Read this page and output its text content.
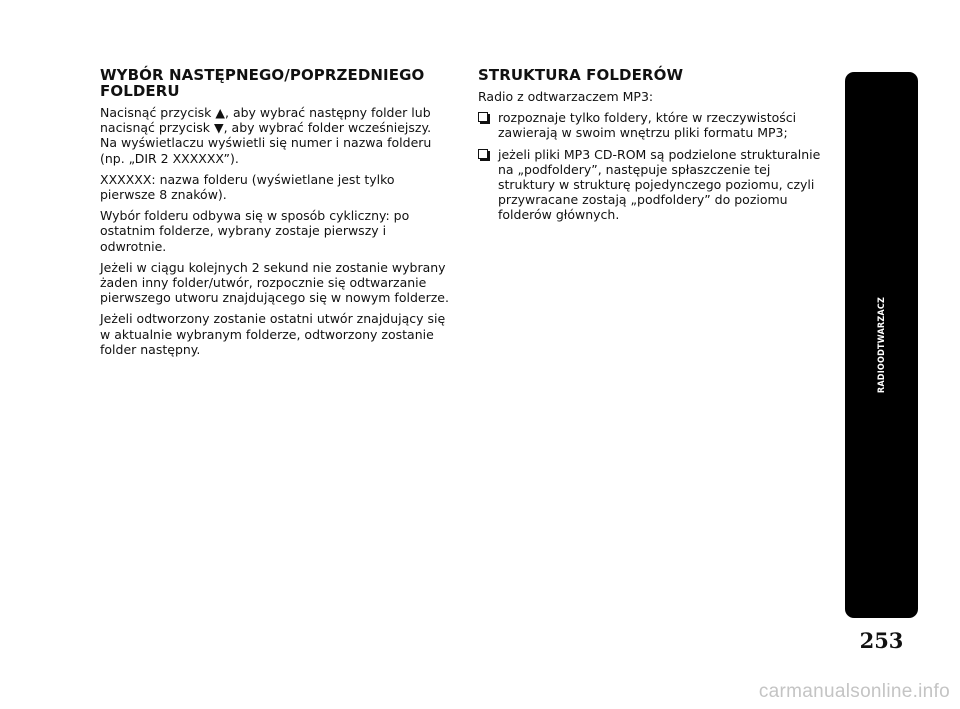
WYBÓR NASTĘPNEGO/POPRZEDNIEGO FOLDERU

Nacisnąć przycisk ▲, aby wybrać następny folder lub nacisnąć przycisk ▼, aby wybrać folder wcześniejszy. Na wyświetlaczu wyświetli się numer i nazwa folderu (np. „DIR 2 XXXXXX”).

XXXXXX: nazwa folderu (wyświetlane jest tylko pierwsze 8 znaków).

Wybór folderu odbywa się w sposób cykliczny: po ostatnim folderze, wybrany zostaje pierwszy i odwrotnie.

Jeżeli w ciągu kolejnych 2 sekund nie zostanie wybrany żaden inny folder/utwór, rozpocznie się odtwarzanie pierwszego utworu znajdującego się w nowym folderze.

Jeżeli odtworzony zostanie ostatni utwór znajdujący się w aktualnie wybranym folderze, odtworzony zostanie folder następny.

STRUKTURA FOLDERÓW

Radio z odtwarzaczem MP3:

rozpoznaje tylko foldery, które w rzeczywistości zawierają w swoim wnętrzu pliki formatu MP3;
jeżeli pliki MP3 CD-ROM są podzielone strukturalnie na „podfoldery”, następuje spłaszczenie tej struktury w strukturę pojedynczego poziomu, czyli przywracane zostają „podfoldery” do poziomu folderów głównych.
RADIOODTWARZACZ
253
carmanualsonline.info
